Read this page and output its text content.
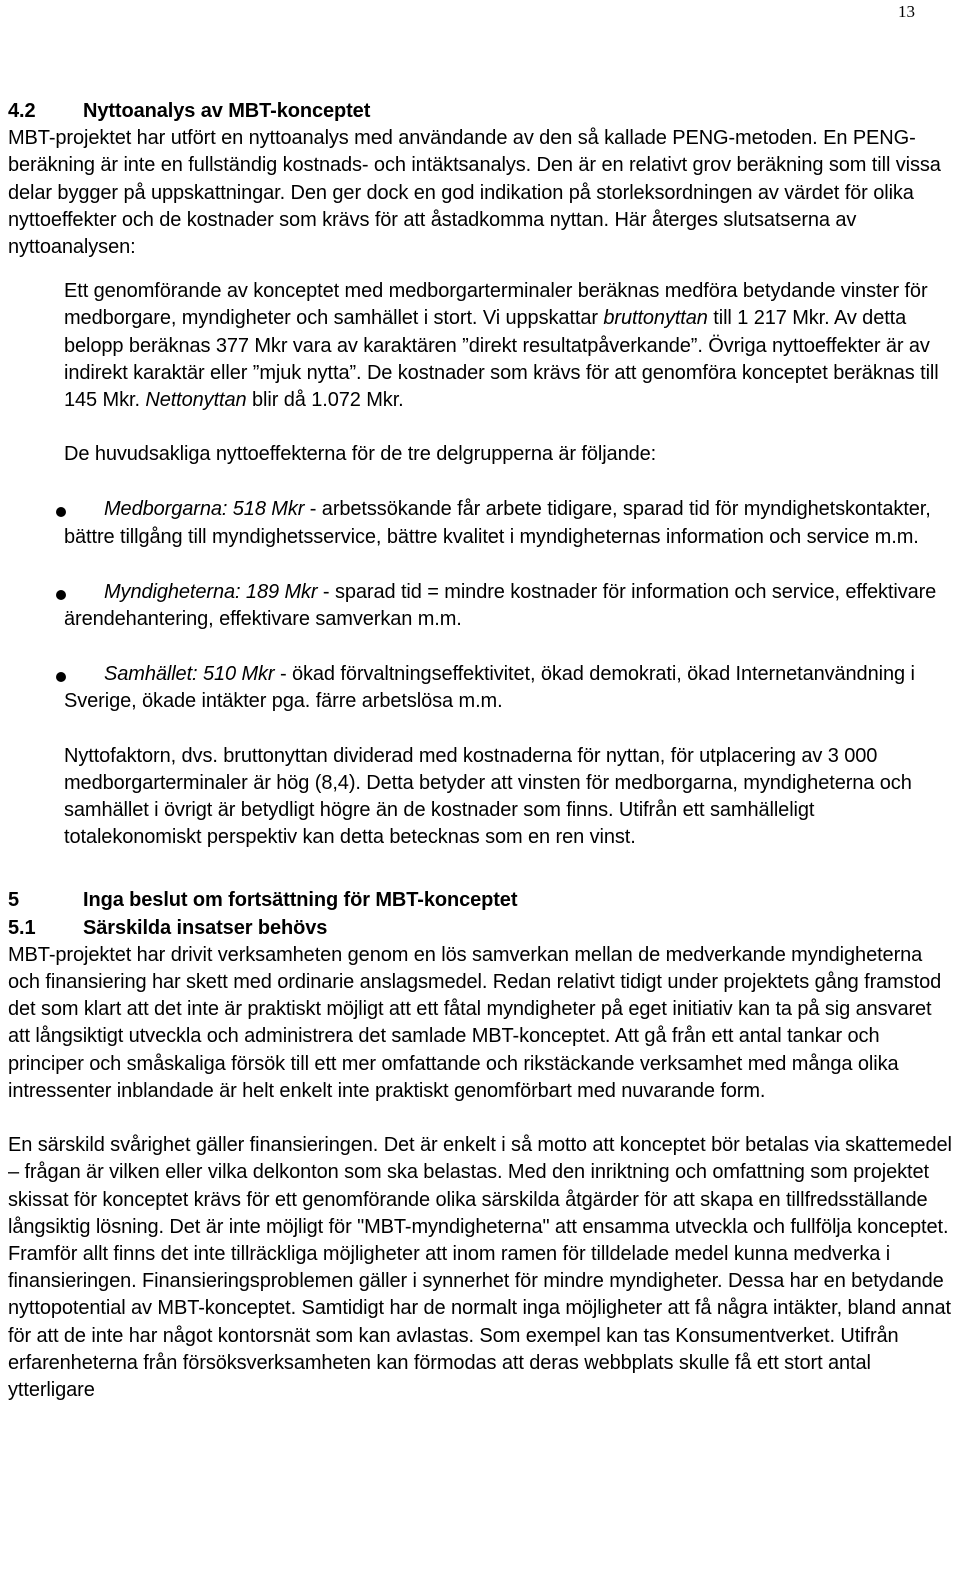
13
4.2 Nyttoanalys av MBT-konceptet

MBT-projektet har utfört en nyttoanalys med användande av den så kallade PENG-metoden. En PENG-beräkning är inte en fullständig kostnads- och intäktsanalys. Den är en relativt grov beräkning som till vissa delar bygger på uppskattningar. Den ger dock en god indikation på storleksordningen av värdet för olika nyttoeffekter och de kostnader som krävs för att åstadkomma nyttan. Här återges slutsatserna av nyttoanalysen:

Ett genomförande av konceptet med medborgarterminaler beräknas medföra betydande vinster för medborgare, myndigheter och samhället i stort. Vi uppskattar bruttonyttan till 1 217 Mkr. Av detta belopp beräknas 377 Mkr vara av karaktären ”direkt resultatpåverkande”. Övriga nyttoeffekter är av indirekt karaktär eller ”mjuk nytta”. De kostnader som krävs för att genomföra konceptet beräknas till 145 Mkr. Nettonyttan blir då 1.072 Mkr.

De huvudsakliga nyttoeffekterna för de tre delgrupperna är följande:

Medborgarna: 518 Mkr - arbetssökande får arbete tidigare, sparad tid för myndighetskontakter, bättre tillgång till myndighetsservice, bättre kvalitet i myndigheternas information och service m.m.
Myndigheterna: 189 Mkr - sparad tid = mindre kostnader för information och service, effektivare ärendehantering, effektivare samverkan m.m.
Samhället: 510 Mkr - ökad förvaltningseffektivitet, ökad demokrati, ökad Internetanvändning i Sverige, ökade intäkter pga. färre arbetslösa m.m.

Nyttofaktorn, dvs. bruttonyttan dividerad med kostnaderna för nyttan, för utplacering av 3 000 medborgarterminaler är hög (8,4). Detta betyder att vinsten för medborgarna, myndigheterna och samhället i övrigt är betydligt högre än de kostnader som finns. Utifrån ett samhälleligt totalekonomiskt perspektiv kan detta betecknas som en ren vinst.

5	Inga beslut om fortsättning för MBT-konceptet
5.1 Särskilda insatser behövs

MBT-projektet har drivit verksamheten genom en lös samverkan mellan de medverkande myndigheterna och finansiering har skett med ordinarie anslagsmedel. Redan relativt tidigt under projektets gång framstod det som klart att det inte är praktiskt möjligt att ett fåtal myndigheter på eget initiativ kan ta på sig ansvaret att långsiktigt utveckla och administrera det samlade MBT-konceptet. Att gå från ett antal tankar och principer och småskaliga försök till ett mer omfattande och rikstäckande verksamhet med många olika intressenter inblandade är helt enkelt inte praktiskt genomförbart med nuvarande form.

En särskild svårighet gäller finansieringen. Det är enkelt i så motto att konceptet bör betalas via skattemedel – frågan är vilken eller vilka delkonton som ska belastas. Med den inriktning och omfattning som projektet skissat för konceptet krävs för ett genomförande olika särskilda åtgärder för att skapa en tillfredsställande långsiktig lösning. Det är inte möjligt för "MBT-myndigheterna" att ensamma utveckla och fullfölja konceptet. Framför allt finns det inte tillräckliga möjligheter att inom ramen för tilldelade medel kunna medverka i finansieringen. Finansieringsproblemen gäller i synnerhet för mindre myndigheter. Dessa har en betydande nyttopotential av MBT-konceptet. Samtidigt har de normalt inga möjligheter att få några intäkter, bland annat för att de inte har något kontorsnät som kan avlastas. Som exempel kan tas Konsumentverket. Utifrån erfarenheterna från försöksverksamheten kan förmodas att deras webbplats skulle få ett stort antal ytterligare
